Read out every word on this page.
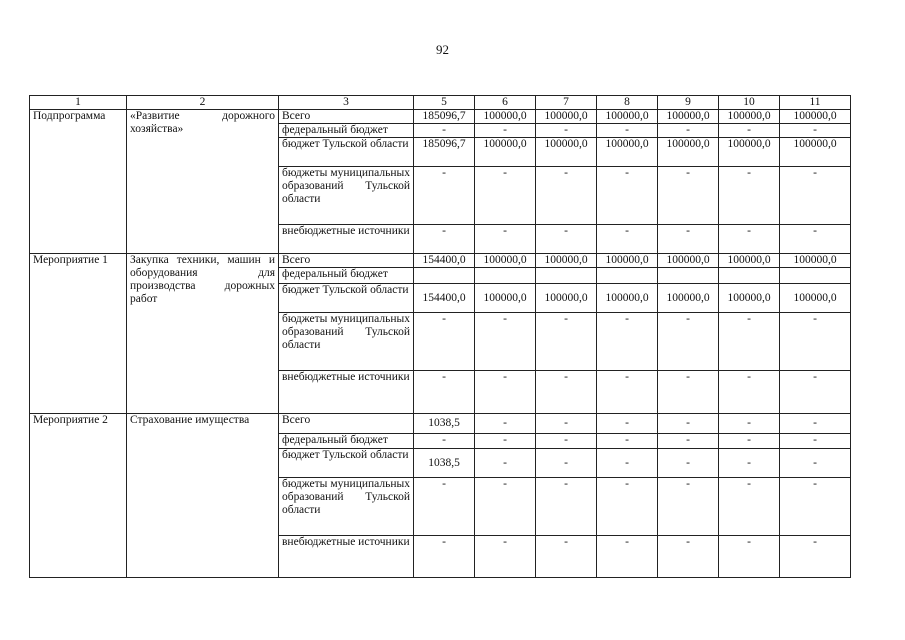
92
1	2	3	5	6	7	8	9	10	11
Подпрограмма	«Развитие дорожного хозяйства»	Всего	185096,7	100000,0	100000,0	100000,0	100000,0	100000,0	100000,0
		федеральный бюджет	-	-	-	-	-	-	-
		бюджет Тульской области	185096,7	100000,0	100000,0	100000,0	100000,0	100000,0	100000,0
		бюджеты муниципальных образований Тульской области	-	-	-	-	-	-	-
		внебюджетные источники	-	-	-	-	-	-	-
Мероприятие 1	Закупка техники, машин и оборудования для производства дорожных работ	Всего	154400,0	100000,0	100000,0	100000,0	100000,0	100000,0	100000,0
		федеральный бюджет							
		бюджет Тульской области	154400,0	100000,0	100000,0	100000,0	100000,0	100000,0	100000,0
		бюджеты муниципальных образований Тульской области	-	-	-	-	-	-	-
		внебюджетные источники	-	-	-	-	-	-	-
Мероприятие 2	Страхование имущества	Всего	1038,5	-	-	-	-	-	-
		федеральный бюджет	-	-	-	-	-	-	-
		бюджет Тульской области	1038,5	-	-	-	-	-	-
		бюджеты муниципальных образований Тульской области	-	-	-	-	-	-	-
		внебюджетные источники	-	-	-	-	-	-	-
